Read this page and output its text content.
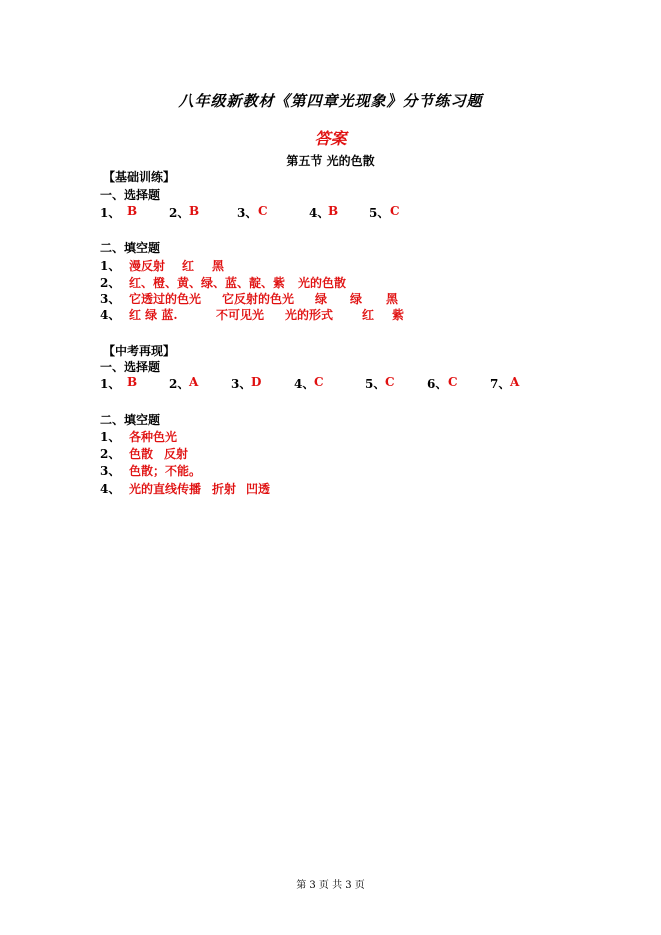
八年级新教材《第四章光现象》分节练习题
答案
第五节 光的色散
【基础训练】
一、选择题
1、 B	2、 B	3、 C	4、
B	5、 C
二、填空题
1、 漫反射 红 黑
2、 红、橙、黄、绿、蓝、靛、紫 光的色散
3、 它透过的色光 它反射的色光 绿 绿 黑
4、 红 绿 蓝.	不可见光 光的形式 红 紫
【中考再现】
一、选择题
1、 B	2、 A	3、 D	4、 C	5、 C	6、 C	7、 A
二、填空题
1、 各种色光
2、 色散 反射
3、 色散；不能。
4、 光的直线传播 折射 凹透
第 3 页 共 3 页
